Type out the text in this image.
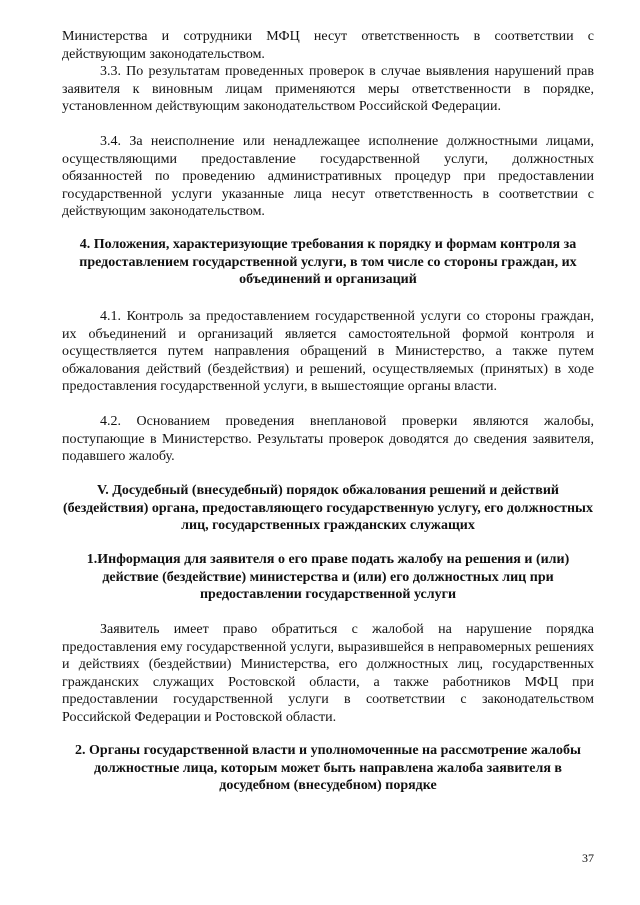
Министерства и сотрудники МФЦ несут ответственность в соответствии с действующим законодательством.
3.3. По результатам проведенных проверок в случае выявления нарушений прав заявителя к виновным лицам применяются меры ответственности в порядке, установленном действующим законодательством Российской Федерации.
3.4. За неисполнение или ненадлежащее исполнение должностными лицами, осуществляющими предоставление государственной услуги, должностных обязанностей по проведению административных процедур при предоставлении государственной услуги указанные лица несут ответственность в соответствии с действующим законодательством.
4. Положения, характеризующие требования к порядку и формам контроля за предоставлением государственной услуги, в том числе со стороны граждан, их объединений и организаций
4.1. Контроль за предоставлением государственной услуги со стороны граждан, их объединений и организаций является самостоятельной формой контроля и осуществляется путем направления обращений в Министерство, а также путем обжалования действий (бездействия) и решений, осуществляемых (принятых) в ходе предоставления государственной услуги, в вышестоящие органы власти.
4.2. Основанием проведения внеплановой проверки являются жалобы, поступающие в Министерство. Результаты проверок доводятся до сведения заявителя, подавшего жалобу.
V. Досудебный (внесудебный) порядок обжалования решений и действий (бездействия) органа, предоставляющего государственную услугу, его должностных лиц, государственных гражданских служащих
1.Информация для заявителя о его праве подать жалобу на решения и (или) действие (бездействие) министерства и (или) его должностных лиц при предоставлении государственной услуги
Заявитель имеет право обратиться с жалобой на нарушение порядка предоставления ему государственной услуги, выразившейся в неправомерных решениях и действиях (бездействии) Министерства, его должностных лиц, государственных гражданских служащих Ростовской области, а также работников МФЦ при предоставлении государственной услуги в соответствии с законодательством Российской Федерации и Ростовской области.
2. Органы государственной власти и уполномоченные на рассмотрение жалобы должностные лица, которым может быть направлена жалоба заявителя в досудебном (внесудебном) порядке
37
